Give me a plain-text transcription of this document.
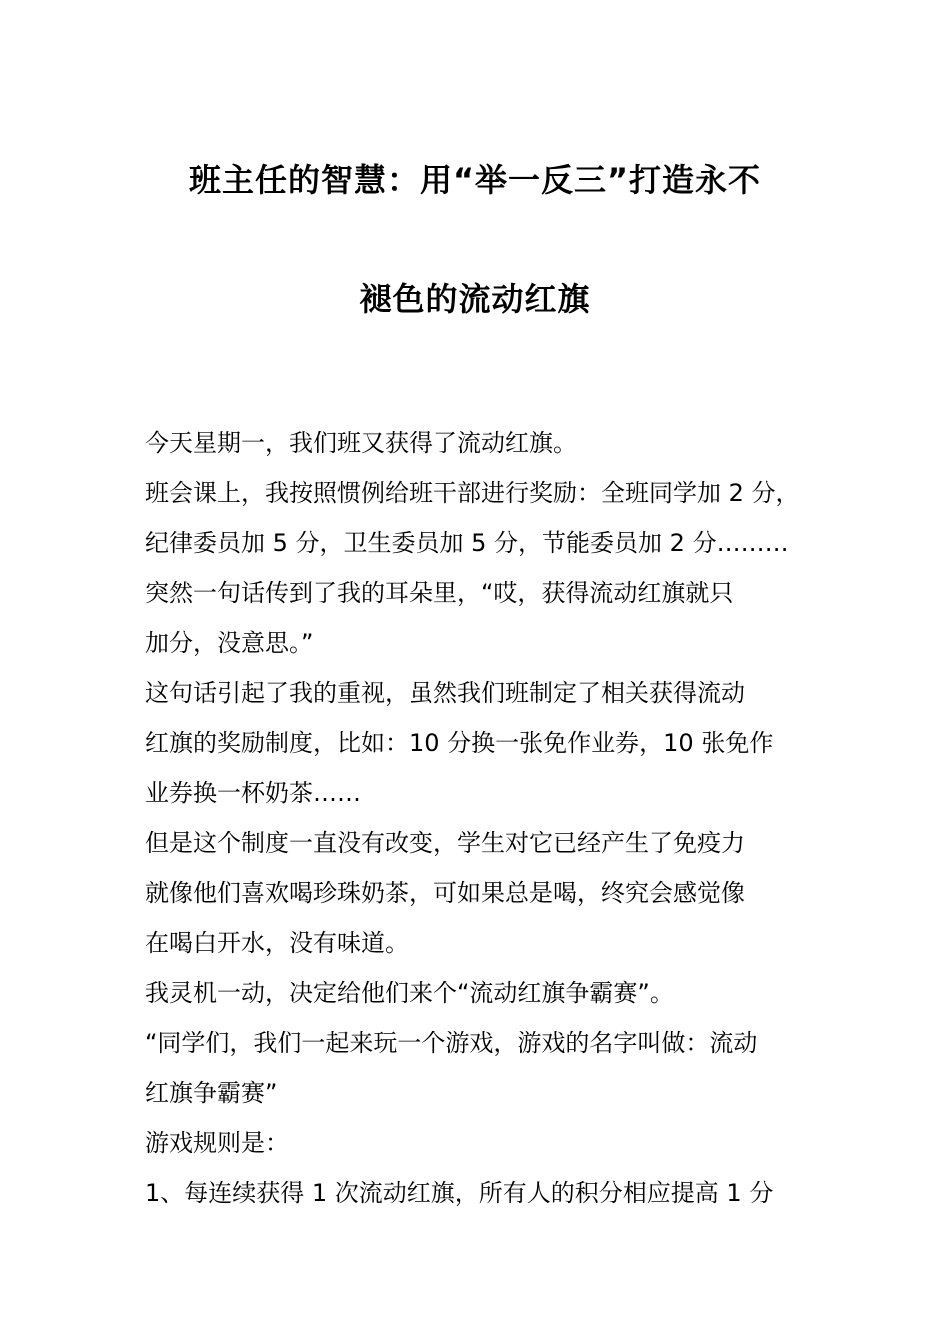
班主任的智慧：用“举一反三”打造永不
褪色的流动红旗
今天星期一，我们班又获得了流动红旗。
班会课上，我按照惯例给班干部进行奖励：全班同学加 2 分，
纪律委员加 5 分，卫生委员加 5 分，节能委员加 2 分………
突然一句话传到了我的耳朵里，“哎，获得流动红旗就只
加分，没意思。”
这句话引起了我的重视，虽然我们班制定了相关获得流动
红旗的奖励制度，比如：10 分换一张免作业券，10 张免作
业券换一杯奶茶……
但是这个制度一直没有改变，学生对它已经产生了免疫力
就像他们喜欢喝珍珠奶茶，可如果总是喝，终究会感觉像
在喝白开水，没有味道。
我灵机一动，决定给他们来个“流动红旗争霸赛”。
“同学们，我们一起来玩一个游戏，游戏的名字叫做：流动
红旗争霸赛”
游戏规则是：
1、每连续获得 1 次流动红旗，所有人的积分相应提高 1 分
